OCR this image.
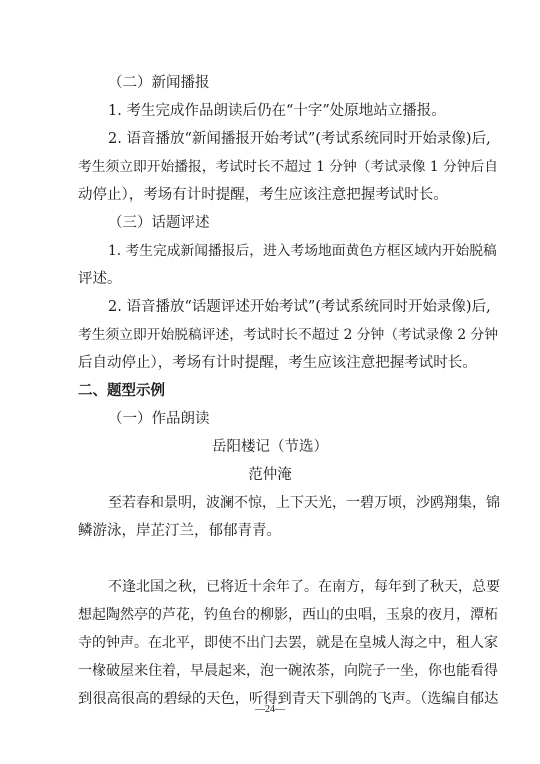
（二）新闻播报
1. 考生完成作品朗读后仍在“十字”处原地站立播报。
2. 语音播放“新闻播报开始考试”(考试系统同时开始录像)后,
考生须立即开始播报，考试时长不超过 1 分钟（考试录像 1 分钟后自
动停止），考场有计时提醒，考生应该注意把握考试时长。
（三）话题评述
1. 考生完成新闻播报后，进入考场地面黄色方框区域内开始脱稿
评述。
2. 语音播放“话题评述开始考试”(考试系统同时开始录像)后,
考生须立即开始脱稿评述，考试时长不超过 2 分钟（考试录像 2 分钟
后自动停止），考场有计时提醒，考生应该注意把握考试时长。
二、题型示例
（一）作品朗读
岳阳楼记（节选）
范仲淹
至若春和景明，波澜不惊，上下天光，一碧万顷，沙鸥翔集，锦
鳞游泳，岸芷汀兰，郁郁青青。
不逢北国之秋，已将近十余年了。在南方，每年到了秋天，总要
想起陶然亭的芦花，钓鱼台的柳影，西山的虫唱，玉泉的夜月，潭柘
寺的钟声。在北平，即使不出门去罢，就是在皇城人海之中，租人家
一椽破屋来住着，早晨起来，泡一碗浓茶，向院子一坐，你也能看得
到很高很高的碧绿的天色，听得到青天下驯鸽的飞声。（选编自郁达
—24—
